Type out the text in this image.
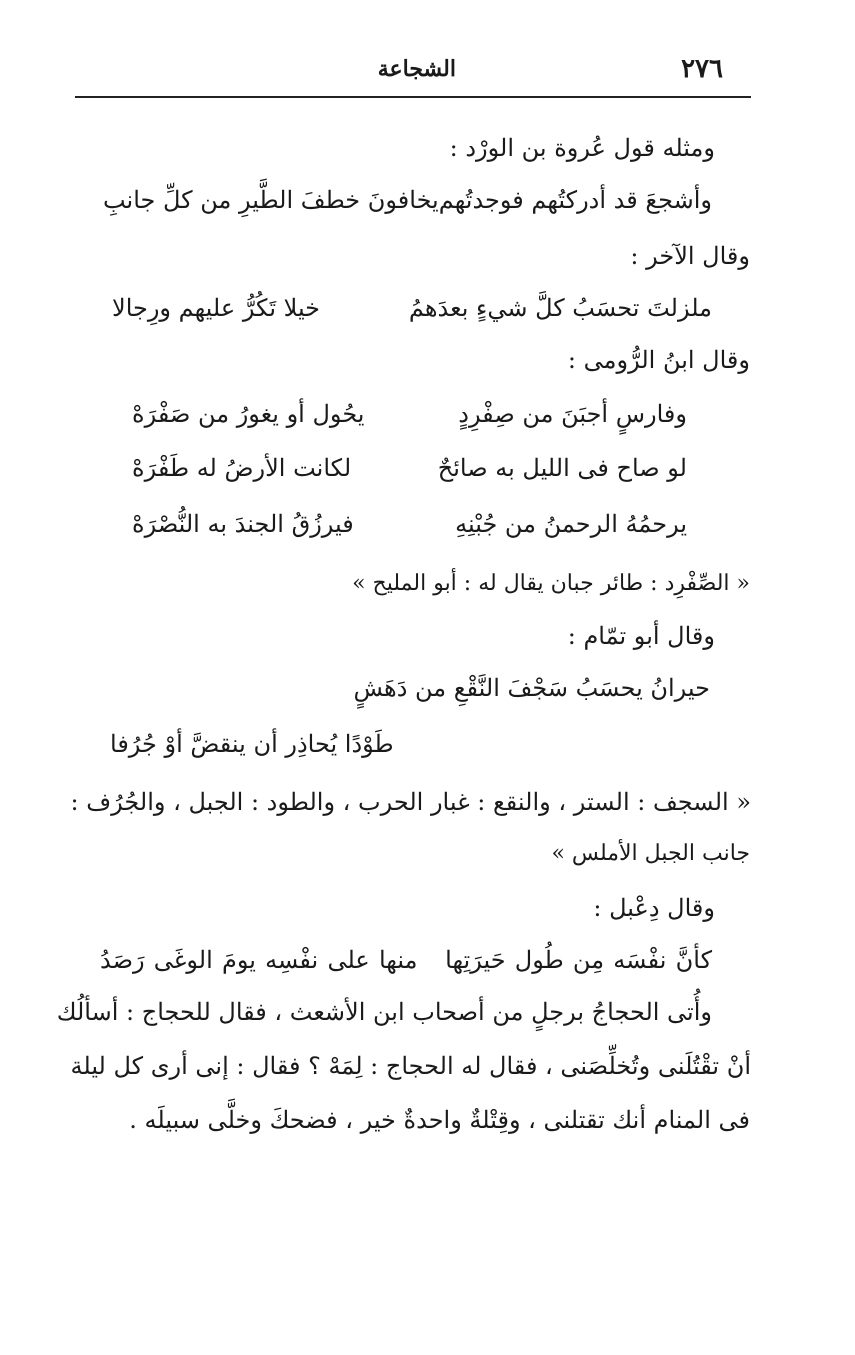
٢٧٦
الشجاعة
ومثله قول عُروة بن الورْد :
وأشجعَ قد أدركتُهم فوجدتُهم
يخافونَ خطفَ الطَّيرِ من كلِّ جانبِ
وقال الآخر :
ملزلتَ تحسَبُ كلَّ شيءٍ بعدَهمُ
خيلا تَكُرُّ عليهم ورِجالا
وقال ابنُ الرُّومى :
وفارسٍ أجبَنَ من صِفْرِدٍ
يحُول أو يغورُ من صَفْرَهْ
لو صاح فى الليل به صائحٌ
لكانت الأرضُ له طَفْرَهْ
يرحمُهُ الرحمنُ من جُبْنِهِ
فيرزُقُ الجندَ به النُّصْرَهْ
« الصِّفْرِد : طائر جبان يقال له : أبو المليح »
وقال أبو تمّام :
حيرانُ يحسَبُ سَجْفَ النَّقْعِ من دَهَشٍ
طَوْدًا يُحاذِر أن ينقضَّ أوْ جُرُفا
« السجف : الستر ، والنقع : غبار الحرب ، والطود : الجبل ، والجُرُف :
جانب الجبل الأملس »
وقال دِعْبل :
كأنَّ نفْسَه مِن طُول حَيرَتِها   منها على نفْسِه يومَ الوغَى رَصَدُ
وأُتى الحجاجُ برجلٍ من أصحاب ابن الأشعث ، فقال للحجاج : أسألُك
أنْ تقْتُلَنى وتُخلِّصَنى ، فقال له الحجاج : لِمَهْ ؟ فقال : إنى أرى كل ليلة
فى المنام أنك تقتلنى ، وقِتْلةٌ واحدةٌ خير ، فضحكَ وخلَّى سبيلَه .
